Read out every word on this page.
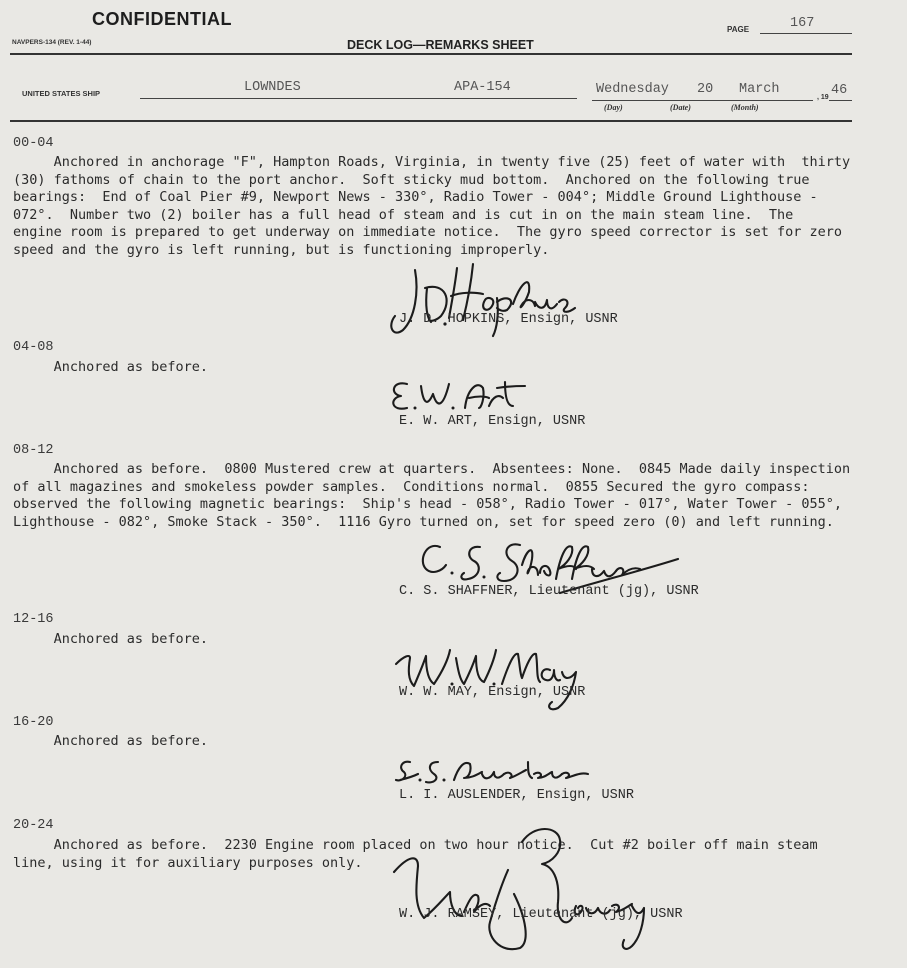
CONFIDENTIAL
NAVPERS-134 (REV. 1-44)	DECK LOG—REMARKS SHEET
PAGE	167
UNITED STATES SHIP	LOWNDES	APA-154	Wednesday 20 March
, 19 46
(Day)	(Date)	(Month)
00-04
Anchored in anchorage "F", Hampton Roads, Virginia, in twenty five (25) feet of water with  thirty
(30) fathoms of chain to the port anchor.  Soft sticky mud bottom.  Anchored on the following true
bearings:  End of Coal Pier #9, Newport News - 330°, Radio Tower - 004°; Middle Ground Lighthouse -
072°.  Number two (2) boiler has a full head of steam and is cut in on the main steam line.  The
engine room is prepared to get underway on immediate notice.  The gyro speed corrector is set for zero
speed and the gyro is left running, but is functioning improperly.
J. D. HOPKINS, Ensign, USNR
04-08
Anchored as before.
E. W. ART, Ensign, USNR
08-12
Anchored as before.  0800 Mustered crew at quarters.  Absentees: None.  0845 Made daily inspection
of all magazines and smokeless powder samples.  Conditions normal.  0855 Secured the gyro compass:
observed the following magnetic bearings:  Ship's head - 058°, Radio Tower - 017°, Water Tower - 055°,
Lighthouse - 082°, Smoke Stack - 350°.  1116 Gyro turned on, set for speed zero (0) and left running.
C. S. SHAFFNER, Lieutenant (jg), USNR
12-16
Anchored as before.
W. W. MAY, Ensign, USNR
16-20
Anchored as before.
L. I. AUSLENDER, Ensign, USNR
20-24
Anchored as before.  2230 Engine room placed on two hour notice.  Cut #2 boiler off main steam
line, using it for auxiliary purposes only.
W. J. RAMSEY, Lieutenant (jg), USNR
